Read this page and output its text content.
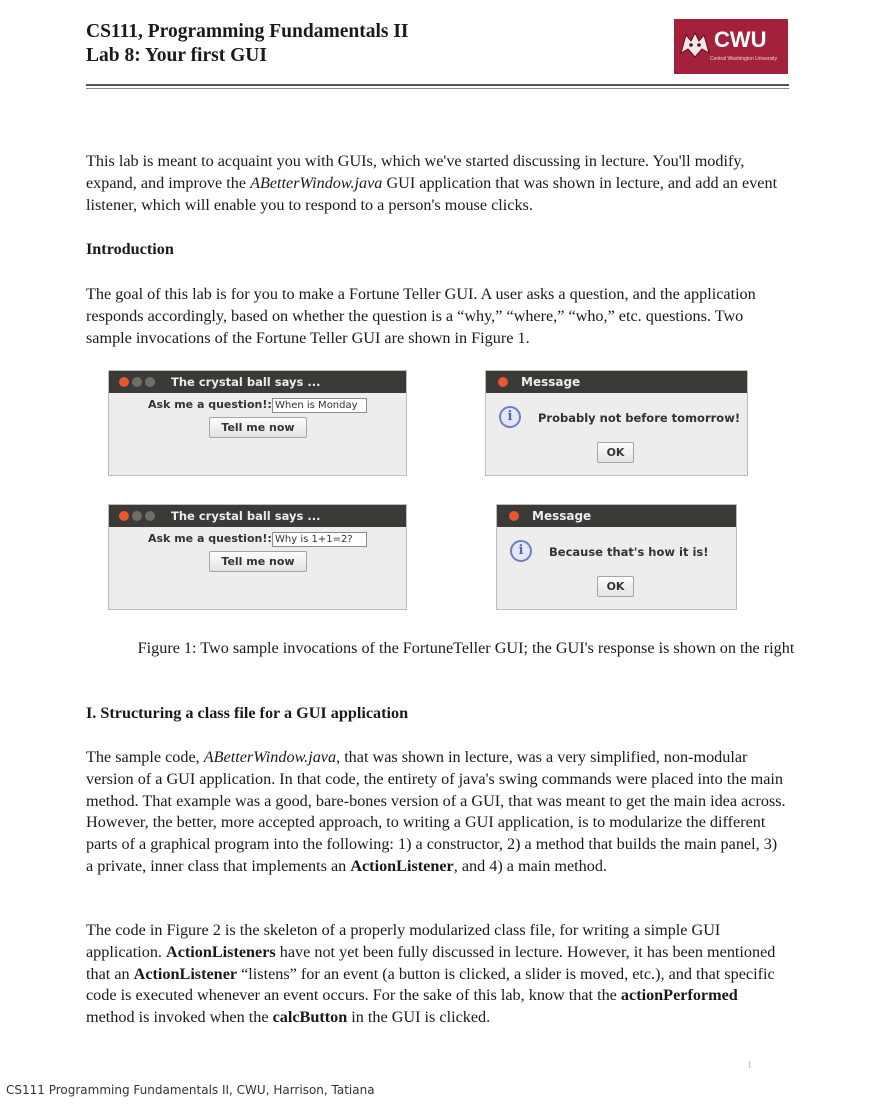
CS111, Programming Fundamentals II
Lab 8: Your first GUI
CWU
Central Washington University
This lab is meant to acquaint you with GUIs, which we've started discussing in lecture. You'll modify, expand, and improve the ABetterWindow.java GUI application that was shown in lecture, and add an event listener, which will enable you to respond to a person's mouse clicks.
Introduction
The goal of this lab is for you to make a Fortune Teller GUI. A user asks a question, and the application responds accordingly, based on whether the question is a “why,” “where,” “who,” etc. questions. Two sample invocations of the Fortune Teller GUI are shown in Figure 1.
The crystal ball says ...
Ask me a question!: When is Monday
Tell me now
Message
i	Probably not before tomorrow!
OK
The crystal ball says ...
Ask me a question!: Why is 1+1=2?
Tell me now
Message
i	Because that's how it is!
OK
Figure 1: Two sample invocations of the FortuneTeller GUI; the GUI's response is shown on the right
I. Structuring a class file for a GUI application
The sample code, ABetterWindow.java, that was shown in lecture, was a very simplified, non-modular version of a GUI application. In that code, the entirety of java's swing commands were placed into the main method. That example was a good, bare-bones version of a GUI, that was meant to get the main idea across. However, the better, more accepted approach, to writing a GUI application, is to modularize the different parts of a graphical program into the following: 1) a constructor, 2) a method that builds the main panel, 3) a private, inner class that implements an ActionListener, and 4) a main method.
The code in Figure 2 is the skeleton of a properly modularized class file, for writing a simple GUI application. ActionListeners have not yet been fully discussed in lecture. However, it has been mentioned that an ActionListener “listens” for an event (a button is clicked, a slider is moved, etc.), and that specific code is executed whenever an event occurs. For the sake of this lab, know that the actionPerformed method is invoked when the calcButton in the GUI is clicked.
1
CS111 Programming Fundamentals II, CWU, Harrison, Tatiana
